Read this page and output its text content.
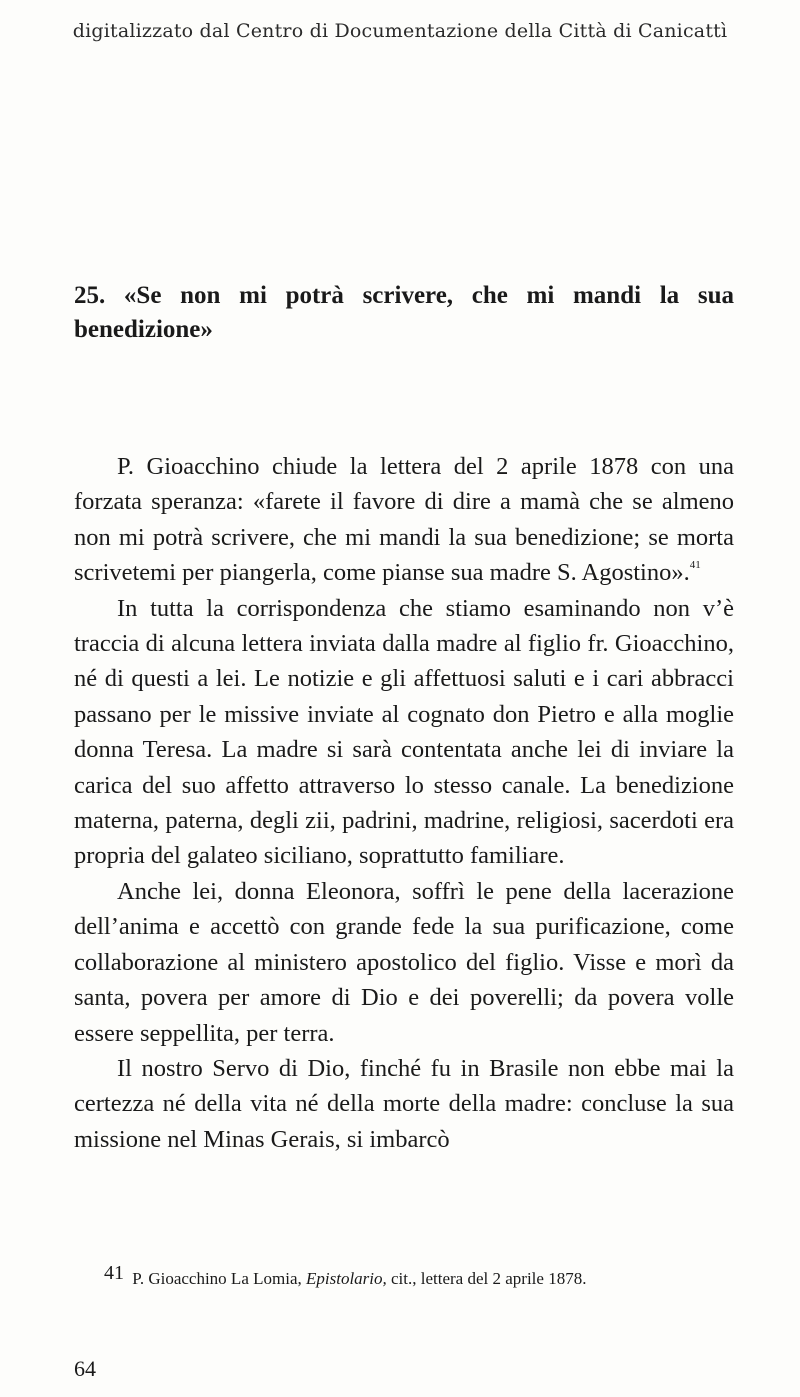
digitalizzato dal Centro di Documentazione della Città di Canicattì
25. «Se non mi potrà scrivere, che mi mandi la sua benedizione»

P. Gioacchino chiude la lettera del 2 aprile 1878 con una forzata speranza: «farete il favore di dire a mamà che se almeno non mi potrà scrivere, che mi mandi la sua benedizione; se morta scrivetemi per piangerla, come pianse sua madre S. Agostino».$^{41}$

In tutta la corrispondenza che stiamo esaminando non v’è traccia di alcuna lettera inviata dalla madre al figlio fr. Gioacchino, né di questi a lei. Le notizie e gli affettuosi saluti e i cari abbracci passano per le missive inviate al cognato don Pietro e alla moglie donna Teresa. La madre si sarà contentata anche lei di inviare la carica del suo affetto attraverso lo stesso canale. La benedizione materna, paterna, degli zii, padrini, madrine, religiosi, sacerdoti era propria del galateo siciliano, soprattutto familiare.

Anche lei, donna Eleonora, soffrì le pene della lacerazione dell’anima e accettò con grande fede la sua purificazione, come collaborazione al ministero apostolico del figlio. Visse e morì da santa, povera per amore di Dio e dei poverelli; da povera volle essere seppellita, per terra.

Il nostro Servo di Dio, finché fu in Brasile non ebbe mai la certezza né della vita né della morte della madre: concluse la sua missione nel Minas Gerais, si imbarcò

41 P. Gioacchino La Lomia, Epistolario, cit., lettera del 2 aprile 1878.
64
